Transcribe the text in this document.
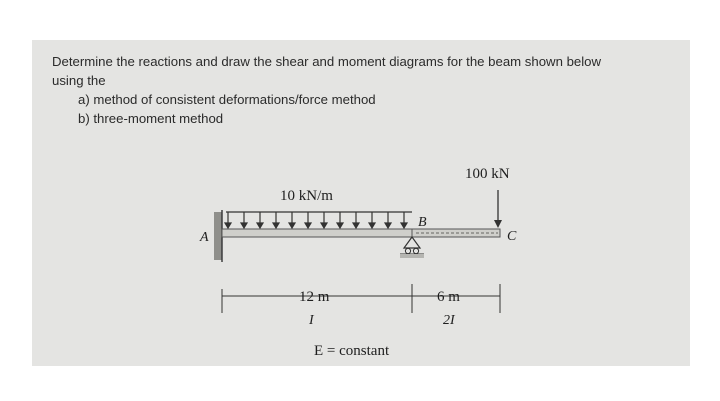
Determine the reactions and draw the shear and moment diagrams for the beam shown below
using the
a) method of consistent deformations/force method
b) three-moment method
10 kN/m
100 kN
A
B
C
12 m	6 m
I	2I
E = constant
